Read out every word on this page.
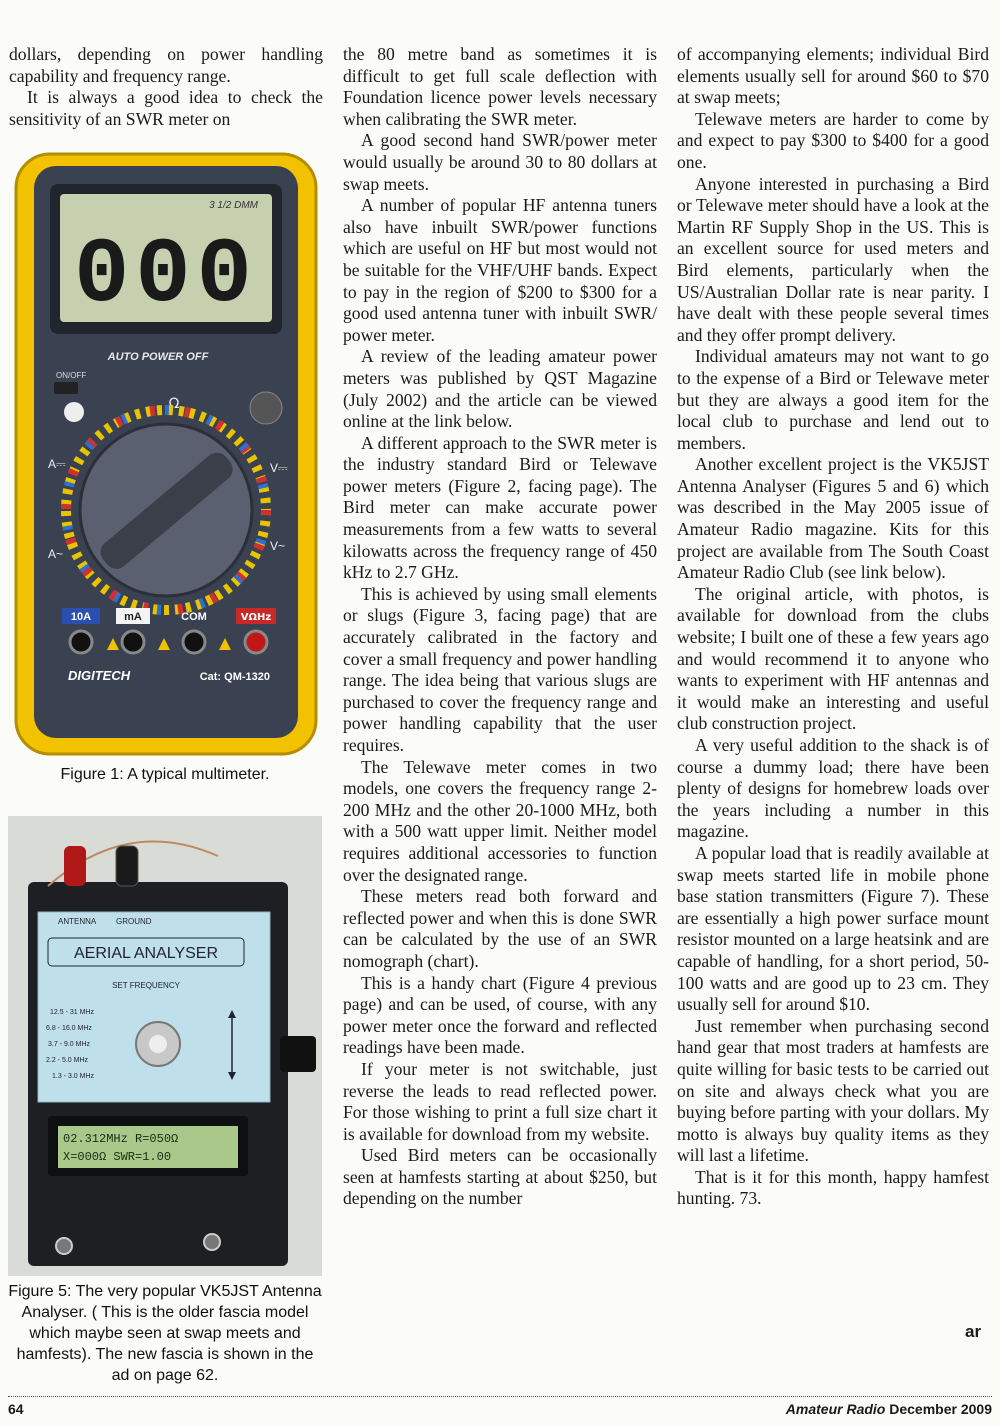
dollars, depending on power handling capability and frequency range.

It is always a good idea to check the sensitivity of an SWR meter on

3 1/2 DMM
000
AUTO POWER OFF
ON/OFF
Ω
A⎓
A~
V⎓
V~
10A	mA	COM	VΩHz
DIGITECH	Cat: QM-1320
Figure 1: A typical multimeter.
ANTENNA GROUND
AERIAL ANALYSER
SET FREQUENCY
12.5 - 31 MHz
6.8 - 16.0 MHz
3.7 - 9.0 MHz
2.2 - 5.0 MHz
1.3 - 3.0 MHz
02.312MHz R=050Ω
X=000Ω SWR=1.00
Figure 5: The very popular VK5JST Antenna Analyser. ( This is the older fascia model which maybe seen at swap meets and hamfests). The new fascia is shown in the ad on page 62.

the 80 metre band as sometimes it is difficult to get full scale deflection with Foundation licence power levels necessary when calibrating the SWR meter.

A good second hand SWR/power meter would usually be around 30 to 80 dollars at swap meets.

A number of popular HF antenna tuners also have inbuilt SWR/power functions which are useful on HF but most would not be suitable for the VHF/UHF bands. Expect to pay in the region of $200 to $300 for a good used antenna tuner with inbuilt SWR/ power meter.

A review of the leading amateur power meters was published by QST Magazine (July 2002) and the article can be viewed online at the link below.

A different approach to the SWR meter is the industry standard Bird or Telewave power meters (Figure 2, facing page). The Bird meter can make accurate power measurements from a few watts to several kilowatts across the frequency range of 450 kHz to 2.7 GHz.

This is achieved by using small elements or slugs (Figure 3, facing page) that are accurately calibrated in the factory and cover a small frequency and power handling range. The idea being that various slugs are purchased to cover the frequency range and power handling capability that the user requires.

The Telewave meter comes in two models, one covers the frequency range 2-200 MHz and the other 20-1000 MHz, both with a 500 watt upper limit. Neither model requires additional accessories to function over the designated range.

These meters read both forward and reflected power and when this is done SWR can be calculated by the use of an SWR nomograph (chart).

This is a handy chart (Figure 4 previous page) and can be used, of course, with any power meter once the forward and reflected readings have been made.

If your meter is not switchable, just reverse the leads to read reflected power. For those wishing to print a full size chart it is available for download from my website.

Used Bird meters can be occasionally seen at hamfests starting at about $250, but depending on the number

of accompanying elements; individual Bird elements usually sell for around $60 to $70 at swap meets;

Telewave meters are harder to come by and expect to pay $300 to $400 for a good one.

Anyone interested in purchasing a Bird or Telewave meter should have a look at the Martin RF Supply Shop in the US. This is an excellent source for used meters and Bird elements, particularly when the US/Australian Dollar rate is near parity. I have dealt with these people several times and they offer prompt delivery.

Individual amateurs may not want to go to the expense of a Bird or Telewave meter but they are always a good item for the local club to purchase and lend out to members.

Another excellent project is the VK5JST Antenna Analyser (Figures 5 and 6) which was described in the May 2005 issue of Amateur Radio magazine. Kits for this project are available from The South Coast Amateur Radio Club (see link below).

The original article, with photos, is available for download from the clubs website; I built one of these a few years ago and would recommend it to anyone who wants to experiment with HF antennas and it would make an interesting and useful club construction project.

A very useful addition to the shack is of course a dummy load; there have been plenty of designs for homebrew loads over the years including a number in this magazine.

A popular load that is readily available at swap meets started life in mobile phone base station transmitters (Figure 7). These are essentially a high power surface mount resistor mounted on a large heatsink and are capable of handling, for a short period, 50-100 watts and are good up to 23 cm. They usually sell for around $10.

Just remember when purchasing second hand gear that most traders at hamfests are quite willing for basic tests to be carried out on site and always check what you are buying before parting with your dollars. My motto is always buy quality items as they will last a lifetime.

That is it for this month, happy hamfest hunting. 73.

ar
64	Amateur Radio December 2009
